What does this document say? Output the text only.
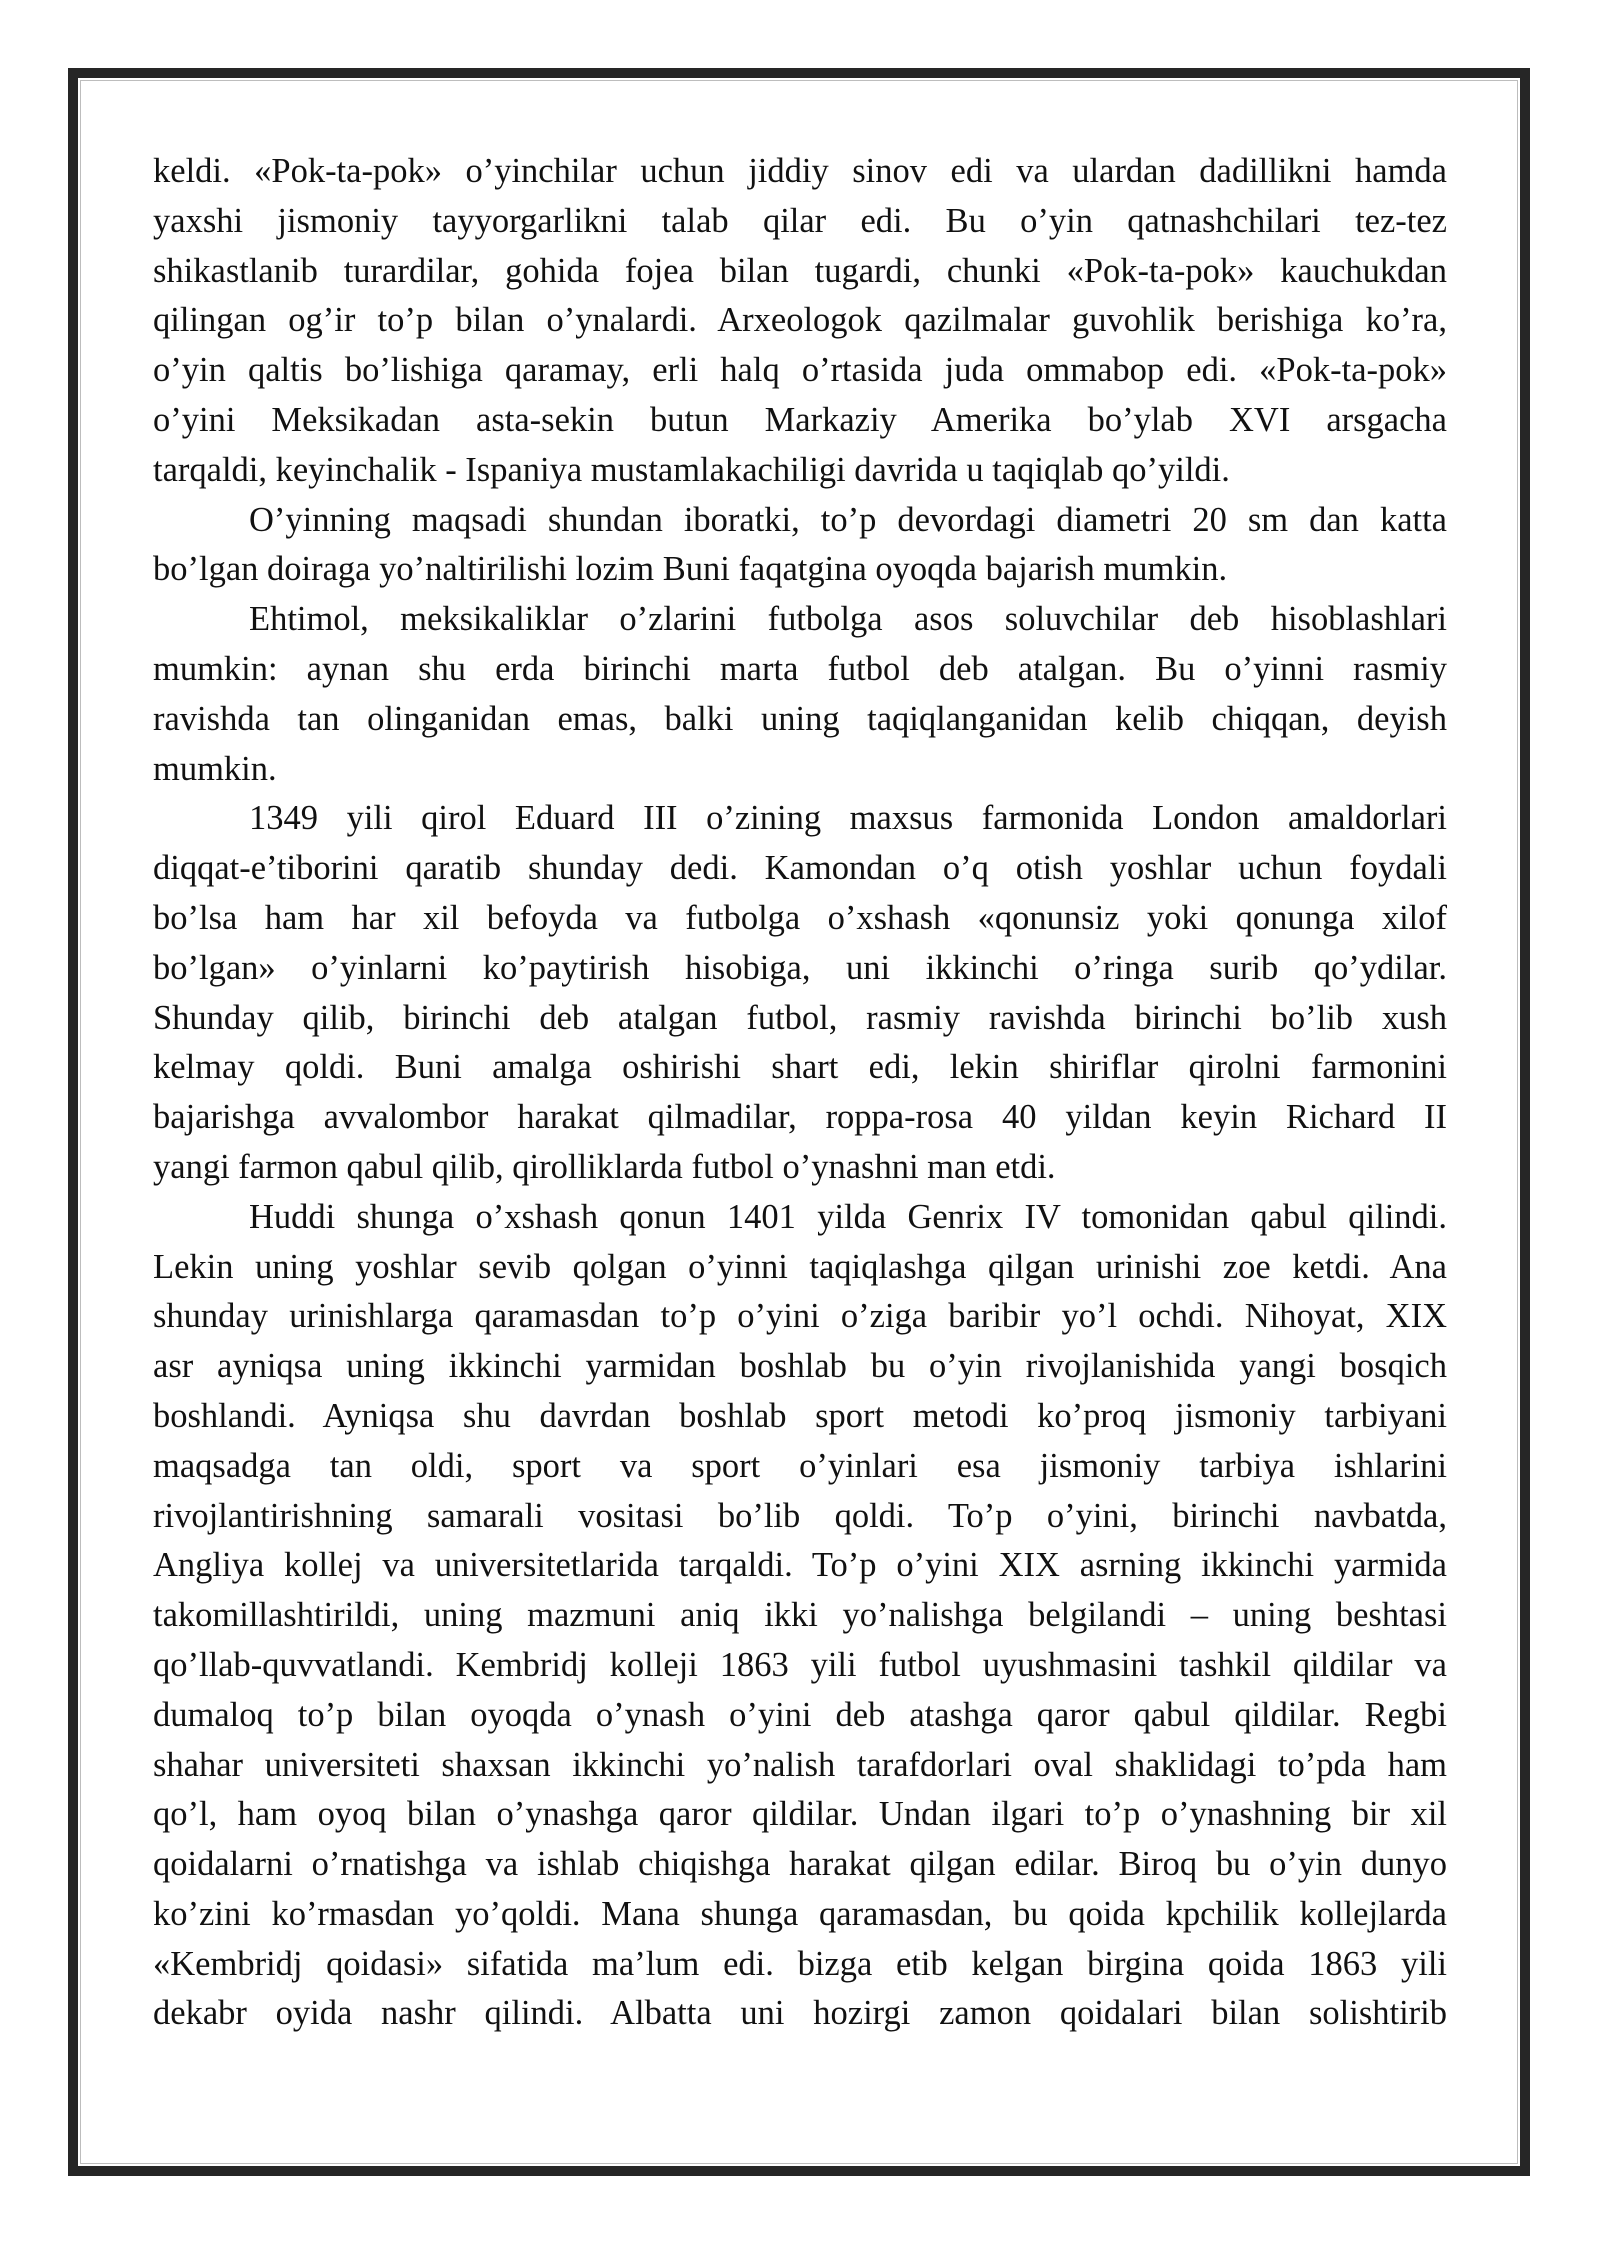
keldi. «Pok-ta-pok» o’yinchilar uchun jiddiy sinov edi va ulardan dadillikni hamda
yaxshi jismoniy tayyorgarlikni talab qilar edi. Bu o’yin qatnashchilari tez-tez
shikastlanib turardilar, gohida fojea bilan tugardi, chunki «Pok-ta-pok» kauchukdan
qilingan og’ir to’p bilan o’ynalardi. Arxeologok qazilmalar guvohlik berishiga ko’ra,
o’yin qaltis bo’lishiga qaramay, erli halq o’rtasida juda ommabop edi. «Pok-ta-pok»
o’yini Meksikadan asta-sekin butun Markaziy Amerika bo’ylab XVI arsgacha
tarqaldi, keyinchalik - Ispaniya mustamlakachiligi davrida u taqiqlab qo’yildi.

O’yinning maqsadi shundan iboratki, to’p devordagi diametri 20 sm dan katta
bo’lgan doiraga yo’naltirilishi lozim Buni faqatgina oyoqda bajarish mumkin.

Ehtimol, meksikaliklar o’zlarini futbolga asos soluvchilar deb hisoblashlari
mumkin: aynan shu erda birinchi marta futbol deb atalgan. Bu o’yinni rasmiy
ravishda tan olinganidan emas, balki uning taqiqlanganidan kelib chiqqan, deyish
mumkin.

1349 yili qirol Eduard III o’zining maxsus farmonida London amaldorlari
diqqat-e’tiborini qaratib shunday dedi. Kamondan o’q otish yoshlar uchun foydali
bo’lsa ham har xil befoyda va futbolga o’xshash «qonunsiz yoki qonunga xilof
bo’lgan» o’yinlarni ko’paytirish hisobiga, uni ikkinchi o’ringa surib qo’ydilar.
Shunday qilib, birinchi deb atalgan futbol, rasmiy ravishda birinchi bo’lib xush
kelmay qoldi. Buni amalga oshirishi shart edi, lekin shiriflar qirolni farmonini
bajarishga avvalombor harakat qilmadilar, roppa-rosa 40 yildan keyin Richard II
yangi farmon qabul qilib, qirolliklarda futbol o’ynashni man etdi.

Huddi shunga o’xshash qonun 1401 yilda Genrix IV tomonidan qabul qilindi.
Lekin uning yoshlar sevib qolgan o’yinni taqiqlashga qilgan urinishi zoe ketdi. Ana
shunday urinishlarga qaramasdan to’p o’yini o’ziga baribir yo’l ochdi. Nihoyat, XIX
asr ayniqsa uning ikkinchi yarmidan boshlab bu o’yin rivojlanishida yangi bosqich
boshlandi. Ayniqsa shu davrdan boshlab sport metodi ko’proq jismoniy tarbiyani
maqsadga tan oldi, sport va sport o’yinlari esa jismoniy tarbiya ishlarini
rivojlantirishning samarali vositasi bo’lib qoldi. To’p o’yini, birinchi navbatda,
Angliya kollej va universitetlarida tarqaldi. To’p o’yini XIX asrning ikkinchi yarmida
takomillashtirildi, uning mazmuni aniq ikki yo’nalishga belgilandi – uning beshtasi
qo’llab-quvvatlandi. Kembridj kolleji 1863 yili futbol uyushmasini tashkil qildilar va
dumaloq to’p bilan oyoqda o’ynash o’yini deb atashga qaror qabul qildilar. Regbi
shahar universiteti shaxsan ikkinchi yo’nalish tarafdorlari oval shaklidagi to’pda ham
qo’l, ham oyoq bilan o’ynashga qaror qildilar. Undan ilgari to’p o’ynashning bir xil
qoidalarni o’rnatishga va ishlab chiqishga harakat qilgan edilar. Biroq bu o’yin dunyo
ko’zini ko’rmasdan yo’qoldi. Mana shunga qaramasdan, bu qoida kpchilik kollejlarda
«Kembridj qoidasi» sifatida ma’lum edi. bizga etib kelgan birgina qoida 1863 yili
dekabr oyida nashr qilindi. Albatta uni hozirgi zamon qoidalari bilan solishtirib
